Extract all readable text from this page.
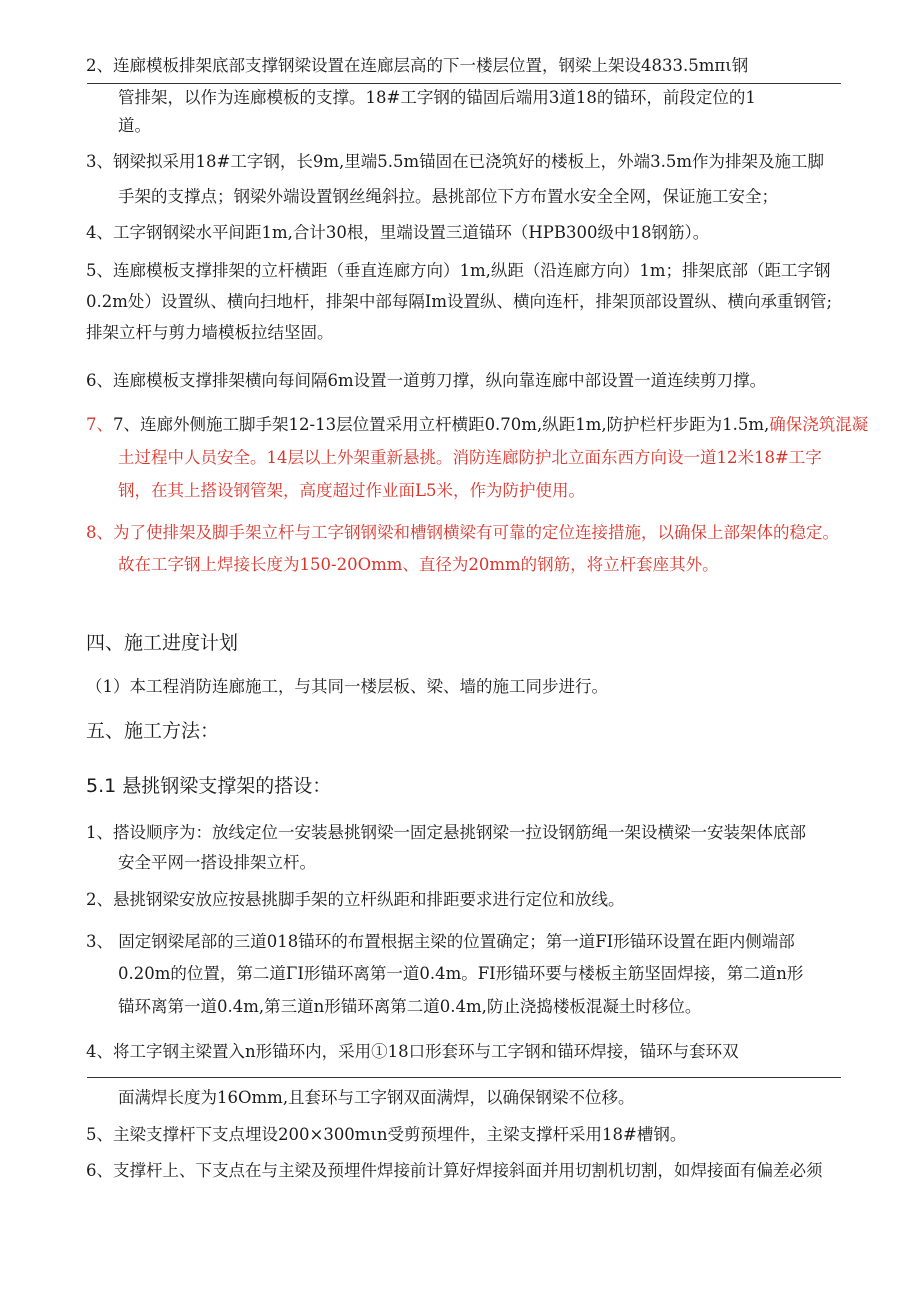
2、连廊模板排架底部支撑钢梁设置在连廊层高的下一楼层位置，钢梁上架设4833.5mπι钢
管排架，以作为连廊模板的支撑。18#工字钢的锚固后端用3道18的锚环，前段定位的1
道。
3、钢梁拟采用18#工字钢，长9m,里端5.5m锚固在已浇筑好的楼板上，外端3.5m作为排架及施工脚
手架的支撑点；钢梁外端设置钢丝绳斜拉。悬挑部位下方布置水安全全网，保证施工安全；
4、工字钢钢梁水平间距1m,合计30根，里端设置三道锚环（HPB300级中18钢筋）。
5、连廊模板支撑排架的立杆横距（垂直连廊方向）1m,纵距（沿连廊方向）1m；排架底部（距工字钢
0.2m处）设置纵、横向扫地杆，排架中部每隔Im设置纵、横向连杆，排架顶部设置纵、横向承重钢管;
排架立杆与剪力墙模板拉结坚固。
6、连廊模板支撑排架横向每间隔6m设置一道剪刀撑，纵向靠连廊中部设置一道连续剪刀撑。
7、7、连廊外侧施工脚手架12-13层位置采用立杆横距0.70m,纵距1m,防护栏杆步距为1.5m,确保浇筑混凝
土过程中人员安全。14层以上外架重新悬挑。消防连廊防护北立面东西方向设一道12米18#工字
钢，在其上搭设钢管架，高度超过作业面L5米，作为防护使用。
8、为了使排架及脚手架立杆与工字钢钢梁和槽钢横梁有可靠的定位连接措施，以确保上部架体的稳定。
故在工字钢上焊接长度为150-20Omm、直径为20mm的钢筋，将立杆套座其外。
四、施工进度计划
（1）本工程消防连廊施工，与其同一楼层板、梁、墙的施工同步进行。
五、施工方法：
5.1 悬挑钢梁支撑架的搭设：
1、搭设顺序为：放线定位一安装悬挑钢梁一固定悬挑钢梁一拉设钢筋绳一架设横梁一安装架体底部
安全平网一搭设排架立杆。
2、悬挑钢梁安放应按悬挑脚手架的立杆纵距和排距要求进行定位和放线。
3、 固定钢梁尾部的三道018锚环的布置根据主梁的位置确定；第一道FI形锚环设置在距内侧端部
0.20m的位置，第二道ΓI形锚环离第一道0.4m。FI形锚环要与楼板主筋坚固焊接，第二道n形
锚环离第一道0.4m,第三道n形锚环离第二道0.4m,防止浇捣楼板混凝土时移位。
4、将工字钢主梁置入n形锚环内，采用①18口形套环与工字钢和锚环焊接，锚环与套环双
面满焊长度为16Omm,且套环与工字钢双面满焊，以确保钢梁不位移。
5、主梁支撑杆下支点埋设200×300mιn受剪预埋件，主梁支撑杆采用18#槽钢。
6、支撑杆上、下支点在与主梁及预埋件焊接前计算好焊接斜面并用切割机切割，如焊接面有偏差必须
